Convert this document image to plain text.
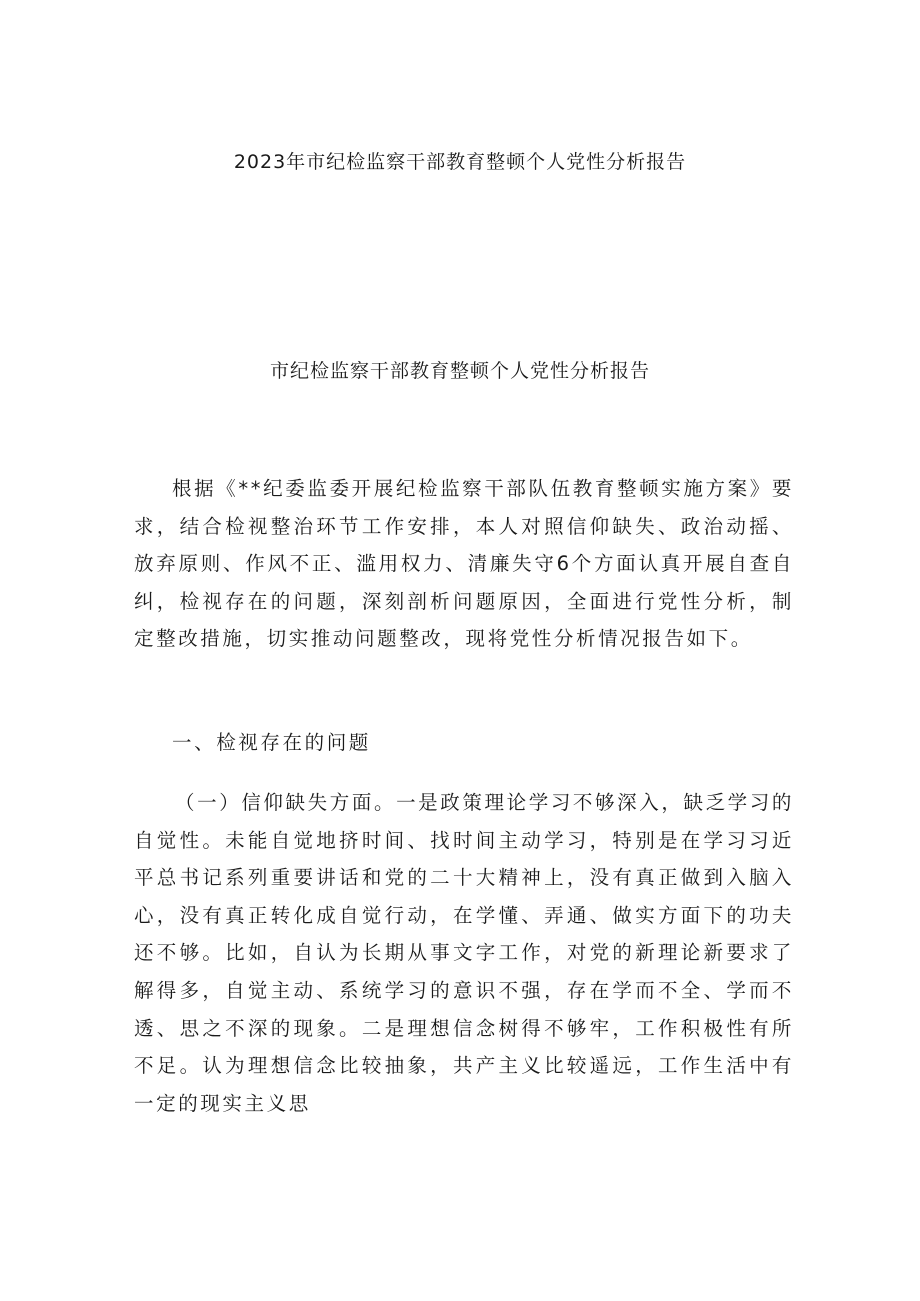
2023年市纪检监察干部教育整顿个人党性分析报告
市纪检监察干部教育整顿个人党性分析报告
根据《**纪委监委开展纪检监察干部队伍教育整顿实施方案》要求，结合检视整治环节工作安排，本人对照信仰缺失、政治动摇、放弃原则、作风不正、滥用权力、清廉失守6个方面认真开展自查自纠，检视存在的问题，深刻剖析问题原因，全面进行党性分析，制定整改措施，切实推动问题整改，现将党性分析情况报告如下。
一、检视存在的问题
（一）信仰缺失方面。一是政策理论学习不够深入，缺乏学习的自觉性。未能自觉地挤时间、找时间主动学习，特别是在学习习近平总书记系列重要讲话和党的二十大精神上，没有真正做到入脑入心，没有真正转化成自觉行动，在学懂、弄通、做实方面下的功夫还不够。比如，自认为长期从事文字工作，对党的新理论新要求了解得多，自觉主动、系统学习的意识不强，存在学而不全、学而不透、思之不深的现象。二是理想信念树得不够牢，工作积极性有所不足。认为理想信念比较抽象，共产主义比较遥远，工作生活中有一定的现实主义思
